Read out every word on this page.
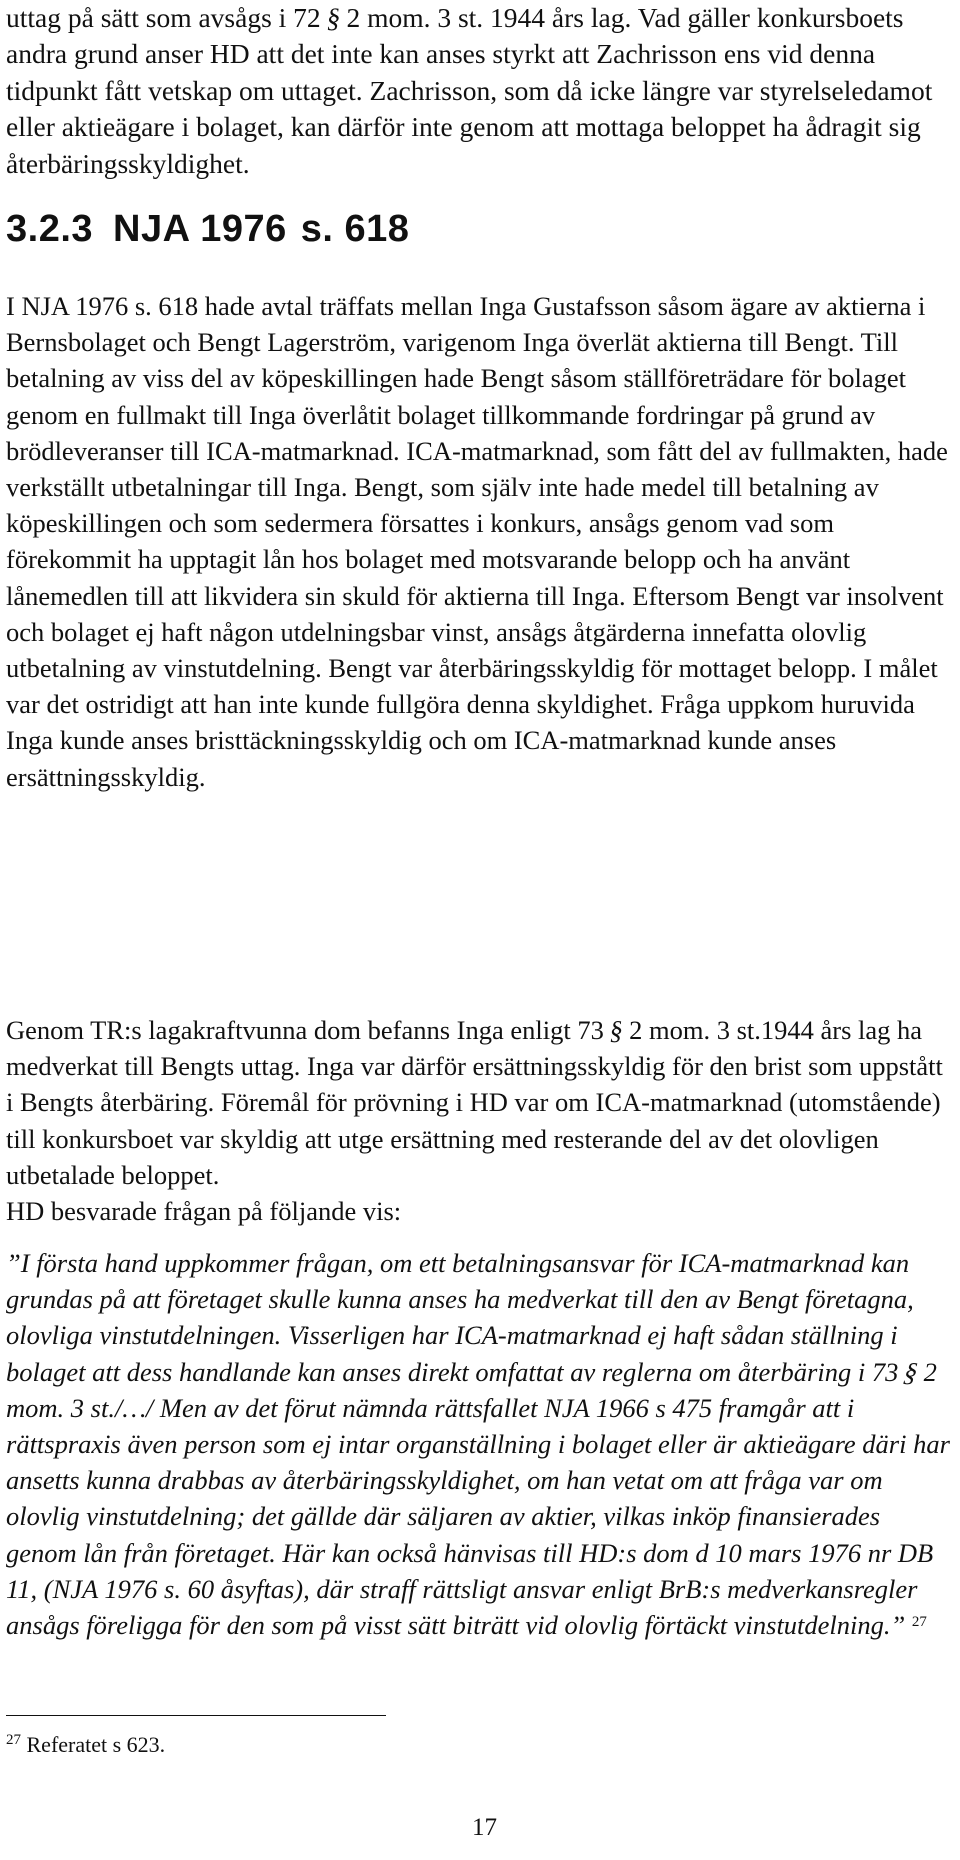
uttag på sätt som avsågs i 72 § 2 mom. 3 st. 1944 års lag. Vad gäller konkursboets andra grund anser HD att det inte kan anses styrkt att Zachrisson ens vid denna tidpunkt fått vetskap om uttaget. Zachrisson, som då icke längre var styrelseledamot eller aktieägare i bolaget, kan därför inte genom att mottaga beloppet ha ådragit sig återbäringsskyldighet.
3.2.3 NJA 1976 s. 618

I NJA 1976 s. 618 hade avtal träffats mellan Inga Gustafsson såsom ägare av aktierna i Bernsbolaget och Bengt Lagerström, varigenom Inga överlät aktierna till Bengt. Till betalning av viss del av köpeskillingen hade Bengt såsom ställföreträdare för bolaget genom en fullmakt till Inga överlåtit bolaget tillkommande fordringar på grund av brödleveranser till ICA-matmarknad. ICA-matmarknad, som fått del av fullmakten, hade verkställt utbetalningar till Inga. Bengt, som själv inte hade medel till betalning av köpeskillingen och som sedermera försattes i konkurs, ansågs genom vad som förekommit ha upptagit lån hos bolaget med motsvarande belopp och ha använt lånemedlen till att likvidera sin skuld för aktierna till Inga. Eftersom Bengt var insolvent och bolaget ej haft någon utdelningsbar vinst, ansågs åtgärderna innefatta olovlig utbetalning av vinstutdelning. Bengt var återbäringsskyldig för mottaget belopp. I målet var det ostridigt att han inte kunde fullgöra denna skyldighet. Fråga uppkom huruvida Inga kunde anses bristtäckningsskyldig och om ICA-matmarknad kunde anses ersättningsskyldig.

Genom TR:s lagakraftvunna dom befanns Inga enligt 73 § 2 mom. 3 st.1944 års lag ha medverkat till Bengts uttag. Inga var därför ersättningsskyldig för den brist som uppstått i Bengts återbäring. Föremål för prövning i HD var om ICA-matmarknad (utomstående) till konkursboet var skyldig att utge ersättning med resterande del av det olovligen utbetalade beloppet.
HD besvarade frågan på följande vis:
”I första hand uppkommer frågan, om ett betalningsansvar för ICA-matmarknad kan grundas på att företaget skulle kunna anses ha medverkat till den av Bengt företagna, olovliga vinstutdelningen. Visserligen har ICA-matmarknad ej haft sådan ställning i bolaget att dess handlande kan anses direkt omfattat av reglerna om återbäring i 73 § 2 mom. 3 st./…/ Men av det förut nämnda rättsfallet NJA 1966 s 475 framgår att i rättspraxis även person som ej intar organställning i bolaget eller är aktieägare däri har ansetts kunna drabbas av återbäringsskyldighet, om han vetat om att fråga var om olovlig vinstutdelning; det gällde där säljaren av aktier, vilkas inköp finansierades genom lån från företaget. Här kan också hänvisas till HD:s dom d 10 mars 1976 nr DB 11, (NJA 1976 s. 60 åsyftas), där straff rättsligt ansvar enligt BrB:s medverkansregler ansågs föreligga för den som på visst sätt biträtt vid olovlig förtäckt vinstutdelning.” $^{27}$
$^{27}$ Referatet s 623.
17
